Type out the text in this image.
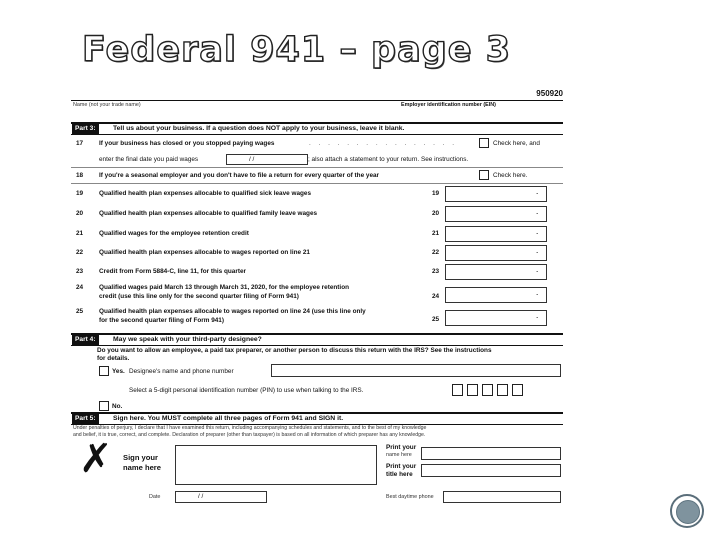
Federal 941 – page 3
950920
Name (not your trade name)	Employer identification number (EIN)
Part 3:	Tell us about your business. If a question does NOT apply to your business, leave it blank.
17 If your business has closed or you stopped paying wages	. . . . . . . . . . . . . . . .	Check here, and
enter the final date you paid wages	/ /	; also attach a statement to your return. See instructions.
18 If you're a seasonal employer and you don't have to file a return for every quarter of the year	Check here.
19 Qualified health plan expenses allocable to qualified sick leave wages	19	.
20 Qualified health plan expenses allocable to qualified family leave wages	20	.
21 Qualified wages for the employee retention credit	21	.
22 Qualified health plan expenses allocable to wages reported on line 21	22	.
23 Credit from Form 5884-C, line 11, for this quarter	23	.
24 Qualified wages paid March 13 through March 31, 2020, for the employee retention
credit (use this line only for the second quarter filing of Form 941)	24	.
25 Qualified health plan expenses allocable to wages reported on line 24 (use this line only
for the second quarter filing of Form 941)	25	.
Part 4:	May we speak with your third-party designee?
Do you want to allow an employee, a paid tax preparer, or another person to discuss this return with the IRS? See the instructions
for details.
Yes. Designee's name and phone number
Select a 5-digit personal identification number (PIN) to use when talking to the IRS.
No.
Part 5:	Sign here. You MUST complete all three pages of Form 941 and SIGN it.
Under penalties of perjury, I declare that I have examined this return, including accompanying schedules and statements, and to the best of my knowledge
and belief, it is true, correct, and complete. Declaration of preparer (other than taxpayer) is based on all information of which preparer has any knowledge.
✗ Sign your
name here
Print your
name here
Print your
title here
Date	/ /	Best daytime phone
